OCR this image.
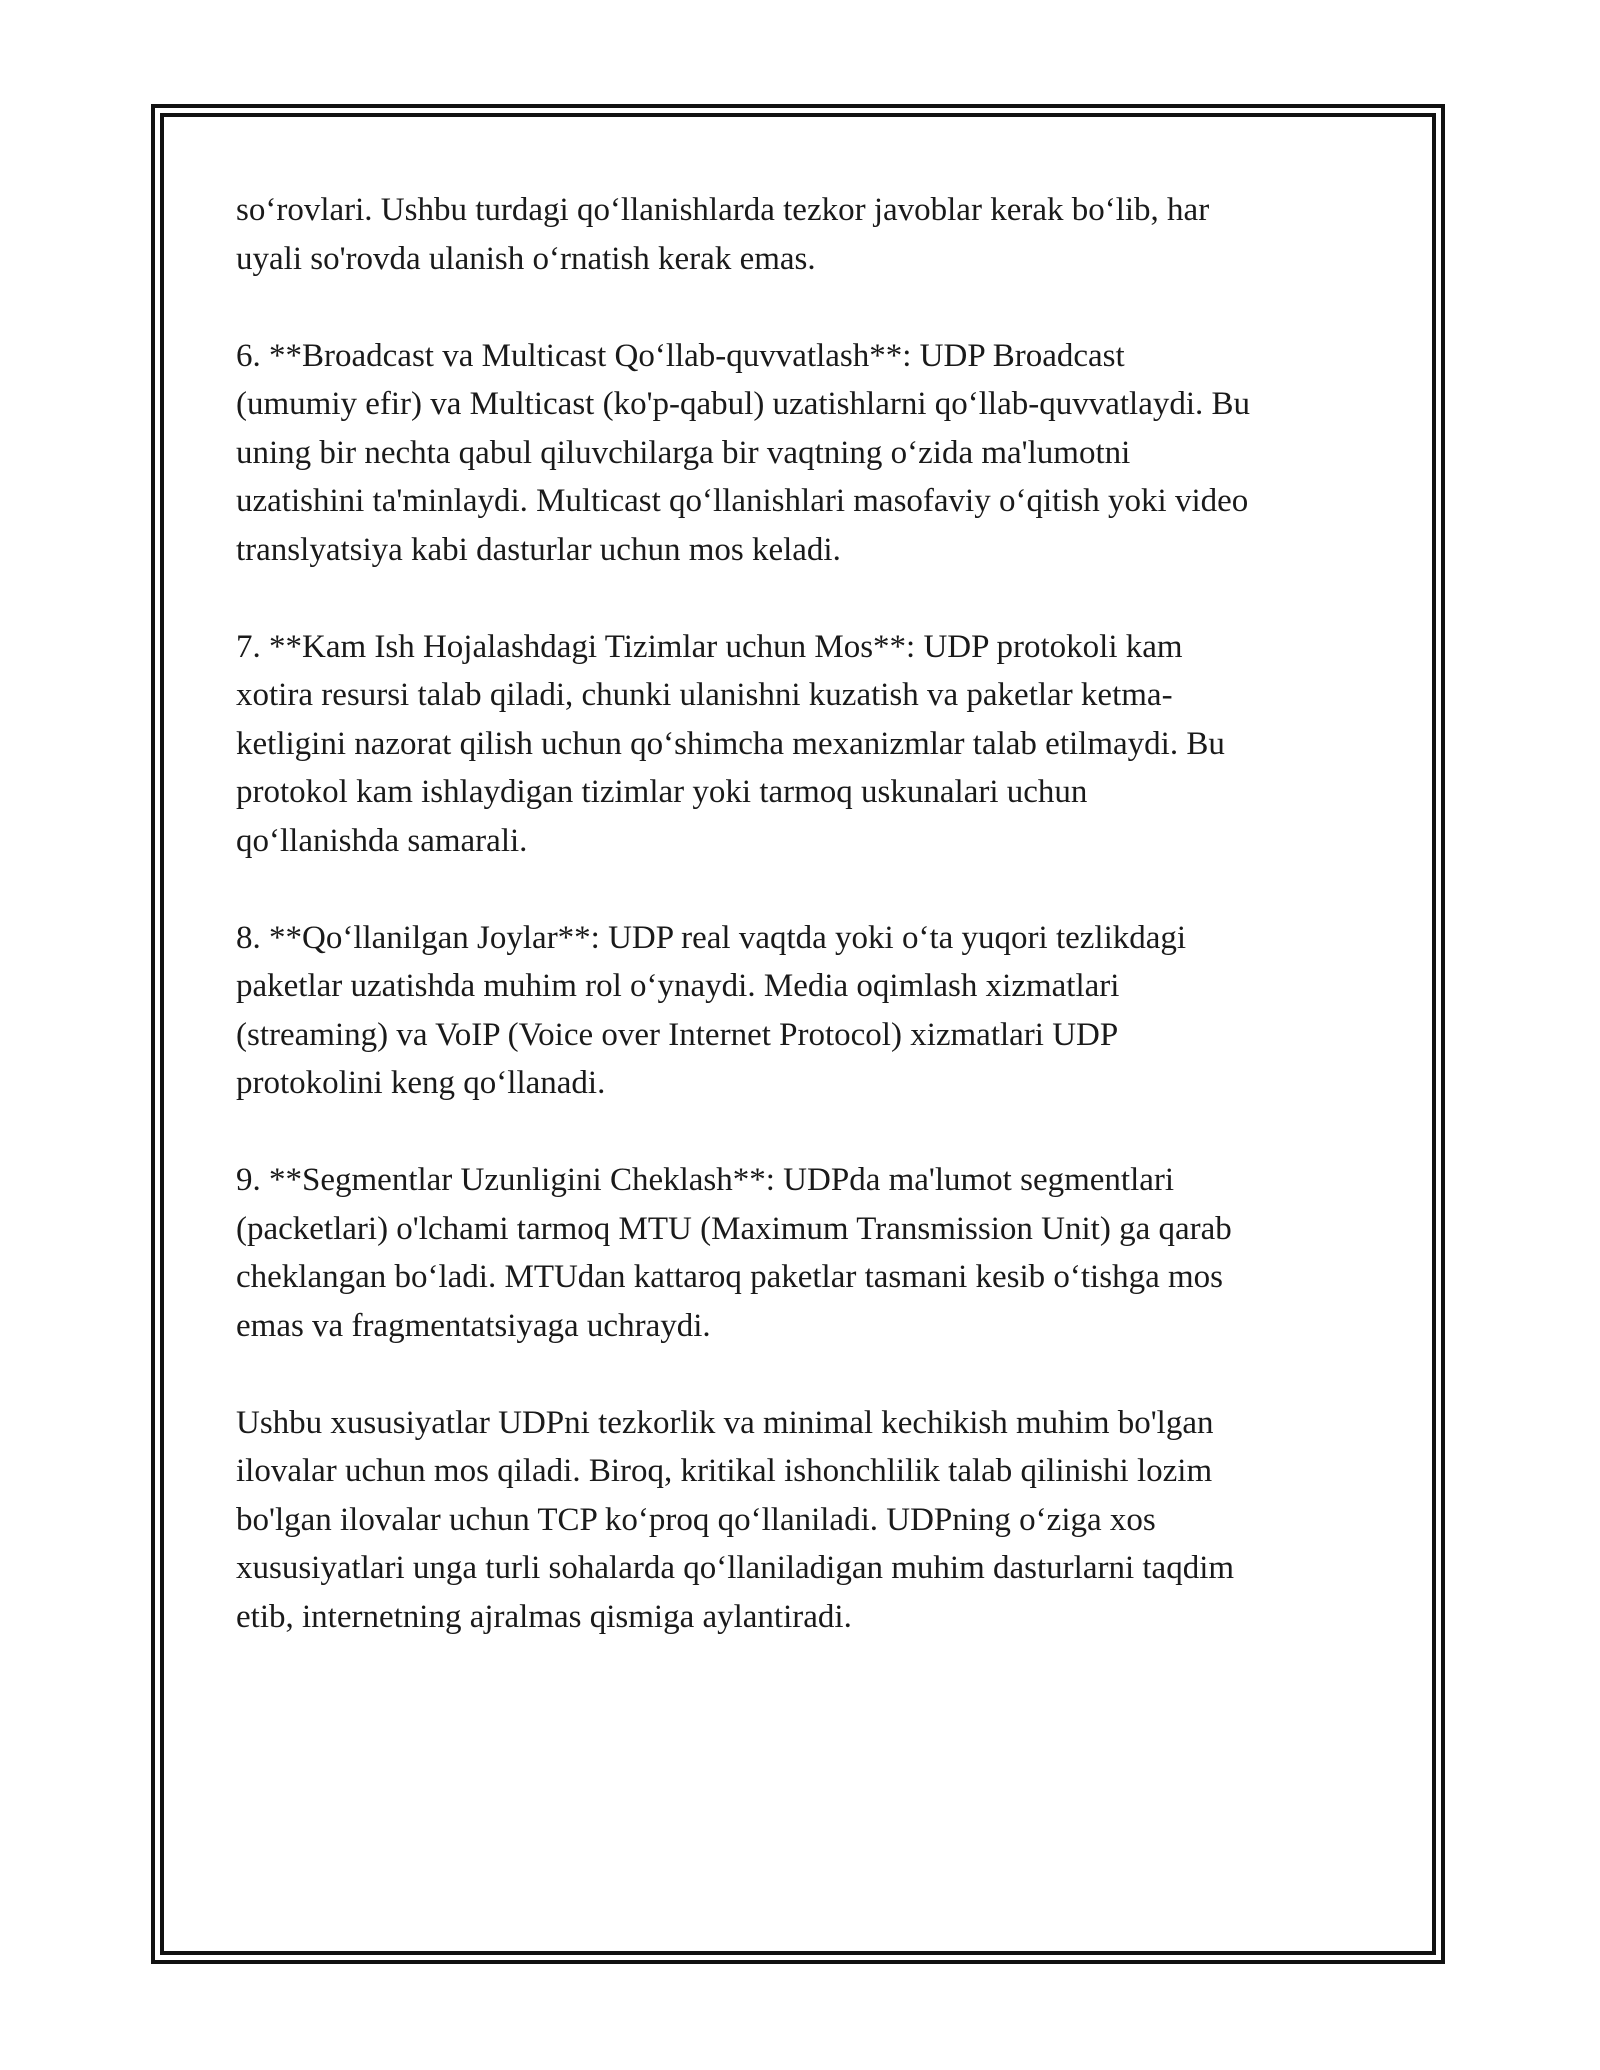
so‘rovlari. Ushbu turdagi qo‘llanishlarda tezkor javoblar kerak bo‘lib, har
uyali so'rovda ulanish o‘rnatish kerak emas.

6. **Broadcast va Multicast Qo‘llab-quvvatlash**: UDP Broadcast
(umumiy efir) va Multicast (ko'p-qabul) uzatishlarni qo‘llab-quvvatlaydi. Bu
uning bir nechta qabul qiluvchilarga bir vaqtning o‘zida ma'lumotni
uzatishini ta'minlaydi. Multicast qo‘llanishlari masofaviy o‘qitish yoki video
translyatsiya kabi dasturlar uchun mos keladi.

7. **Kam Ish Hojalashdagi Tizimlar uchun Mos**: UDP protokoli kam
xotira resursi talab qiladi, chunki ulanishni kuzatish va paketlar ketma-
ketligini nazorat qilish uchun qo‘shimcha mexanizmlar talab etilmaydi. Bu
protokol kam ishlaydigan tizimlar yoki tarmoq uskunalari uchun
qo‘llanishda samarali.

8. **Qo‘llanilgan Joylar**: UDP real vaqtda yoki o‘ta yuqori tezlikdagi
paketlar uzatishda muhim rol o‘ynaydi. Media oqimlash xizmatlari
(streaming) va VoIP (Voice over Internet Protocol) xizmatlari UDP
protokolini keng qo‘llanadi.

9. **Segmentlar Uzunligini Cheklash**: UDPda ma'lumot segmentlari
(packetlari) o'lchami tarmoq MTU (Maximum Transmission Unit) ga qarab
cheklangan bo‘ladi. MTUdan kattaroq paketlar tasmani kesib o‘tishga mos
emas va fragmentatsiyaga uchraydi.

Ushbu xususiyatlar UDPni tezkorlik va minimal kechikish muhim bo'lgan
ilovalar uchun mos qiladi. Biroq, kritikal ishonchlilik talab qilinishi lozim
bo'lgan ilovalar uchun TCP ko‘proq qo‘llaniladi. UDPning o‘ziga xos
xususiyatlari unga turli sohalarda qo‘llaniladigan muhim dasturlarni taqdim
etib, internetning ajralmas qismiga aylantiradi.
